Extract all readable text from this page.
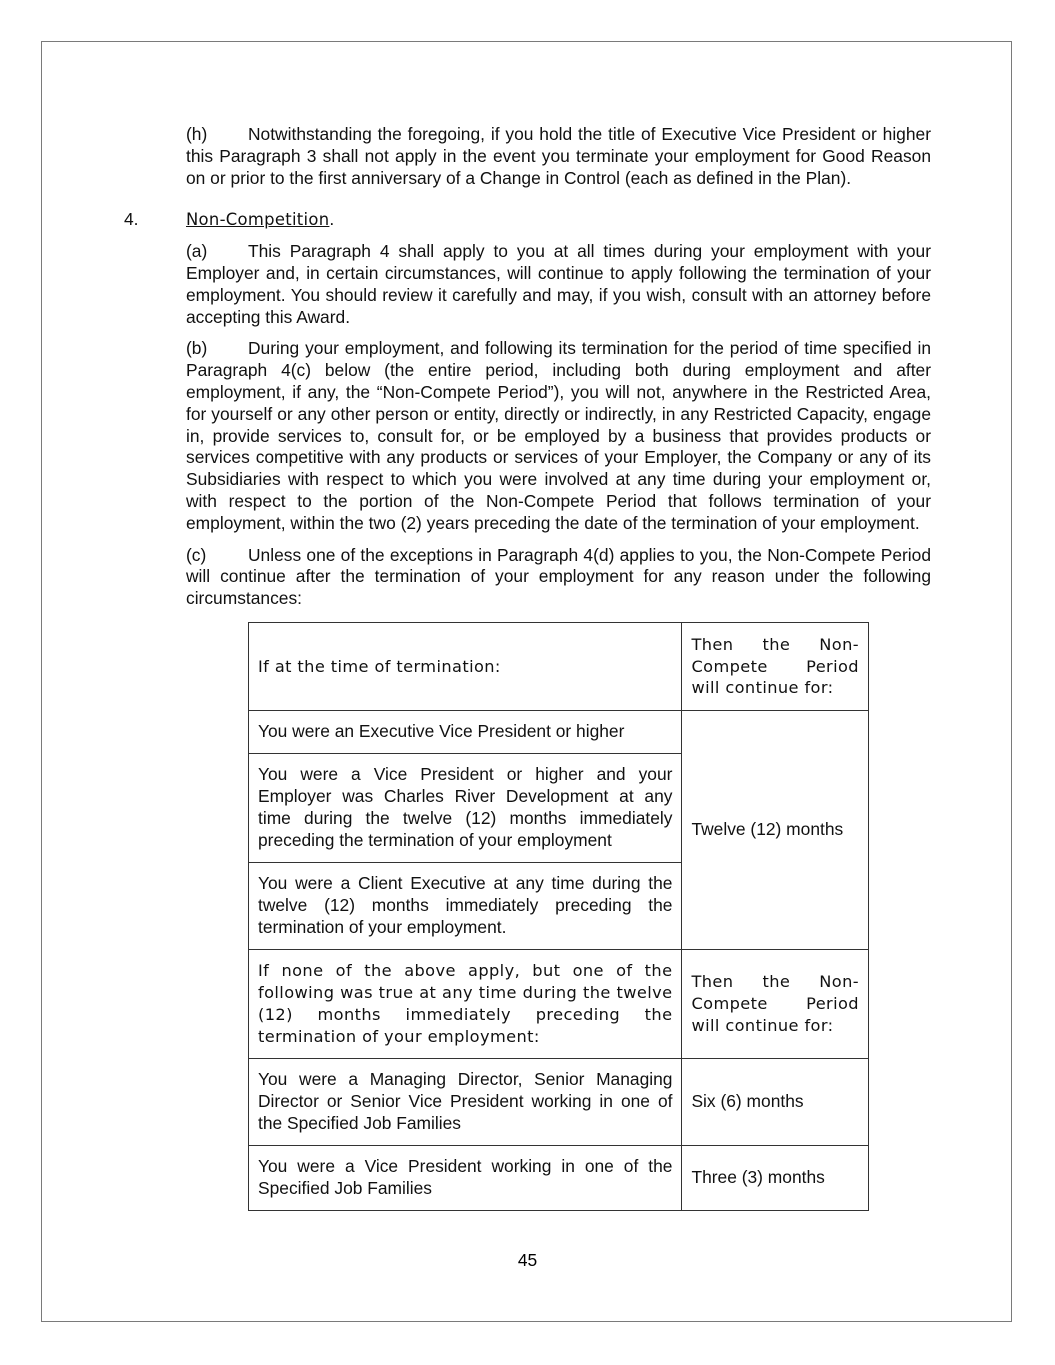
(h) Notwithstanding the foregoing, if you hold the title of Executive Vice President or higher this Paragraph 3 shall not apply in the event you terminate your employment for Good Reason on or prior to the first anniversary of a Change in Control (each as defined in the Plan).

4.	Non-Competition.

(a) This Paragraph 4 shall apply to you at all times during your employment with your Employer and, in certain circumstances, will continue to apply following the termination of your employment. You should review it carefully and may, if you wish, consult with an attorney before accepting this Award.

(b) During your employment, and following its termination for the period of time specified in Paragraph 4(c) below (the entire period, including both during employment and after employment, if any, the “Non-Compete Period”), you will not, anywhere in the Restricted Area, for yourself or any other person or entity, directly or indirectly, in any Restricted Capacity, engage in, provide services to, consult for, or be employed by a business that provides products or services competitive with any products or services of your Employer, the Company or any of its Subsidiaries with respect to which you were involved at any time during your employment or, with respect to the portion of the Non-Compete Period that follows termination of your employment, within the two (2) years preceding the date of the termination of your employment.

(c) Unless one of the exceptions in Paragraph 4(d) applies to you, the Non-Compete Period will continue after the termination of your employment for any reason under the following circumstances:

If at the time of termination:	Then the Non-Compete Period will continue for:
You were an Executive Vice President or higher	Twelve (12) months
You were a Vice President or higher and your Employer was Charles River Development at any time during the twelve (12) months immediately preceding the termination of your employment	
You were a Client Executive at any time during the twelve (12) months immediately preceding the termination of your employment.	
If none of the above apply, but one of the following was true at any time during the twelve (12) months immediately preceding the termination of your employment:	Then the Non-Compete Period will continue for:
You were a Managing Director, Senior Managing Director or Senior Vice President working in one of the Specified Job Families	Six (6) months
You were a Vice President working in one of the Specified Job Families	Three (3) months
45
